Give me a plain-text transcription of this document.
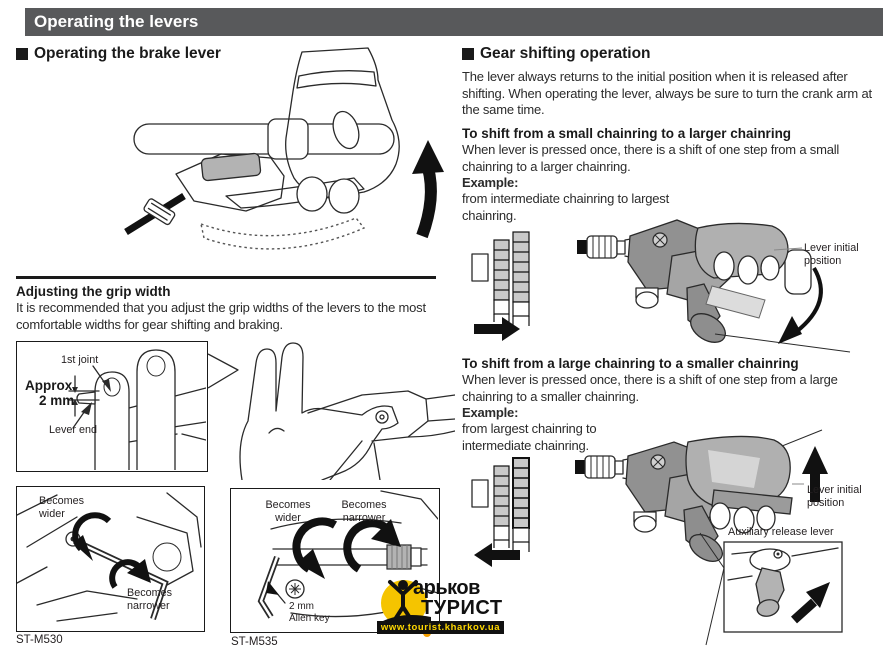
Operating the levers
Operating the brake lever
Adjusting the grip width
It is recommended that you adjust the grip widths of the levers to the most comfortable widths for gear shifting and braking.
1st joint
Approx.
2 mm
Lever end
Becomes wider
Becomes narrower
ST-M530
Becomes wider
Becomes narrower
2 mm
Allen key
ST-M535
Gear shifting operation
The lever always returns to the initial position when it is released after shifting. When operating the lever, always be sure to turn the crank arm at the same time.
To shift from a small chainring to a larger chainring
When lever is pressed once, there is a shift of one step from a small chainring to a larger chainring.
Example:
from intermediate chainring to largest chainring.
Lever initial position
To shift from a large chainring to a smaller chainring
When lever is pressed once, there is a shift of one step from a large chainring to a smaller chainring.
Example:
from largest chainring to intermediate chainring.
Lever initial position
Auxiliary release lever
арьков
ТУРИСТ
www.tourist.kharkov.ua
